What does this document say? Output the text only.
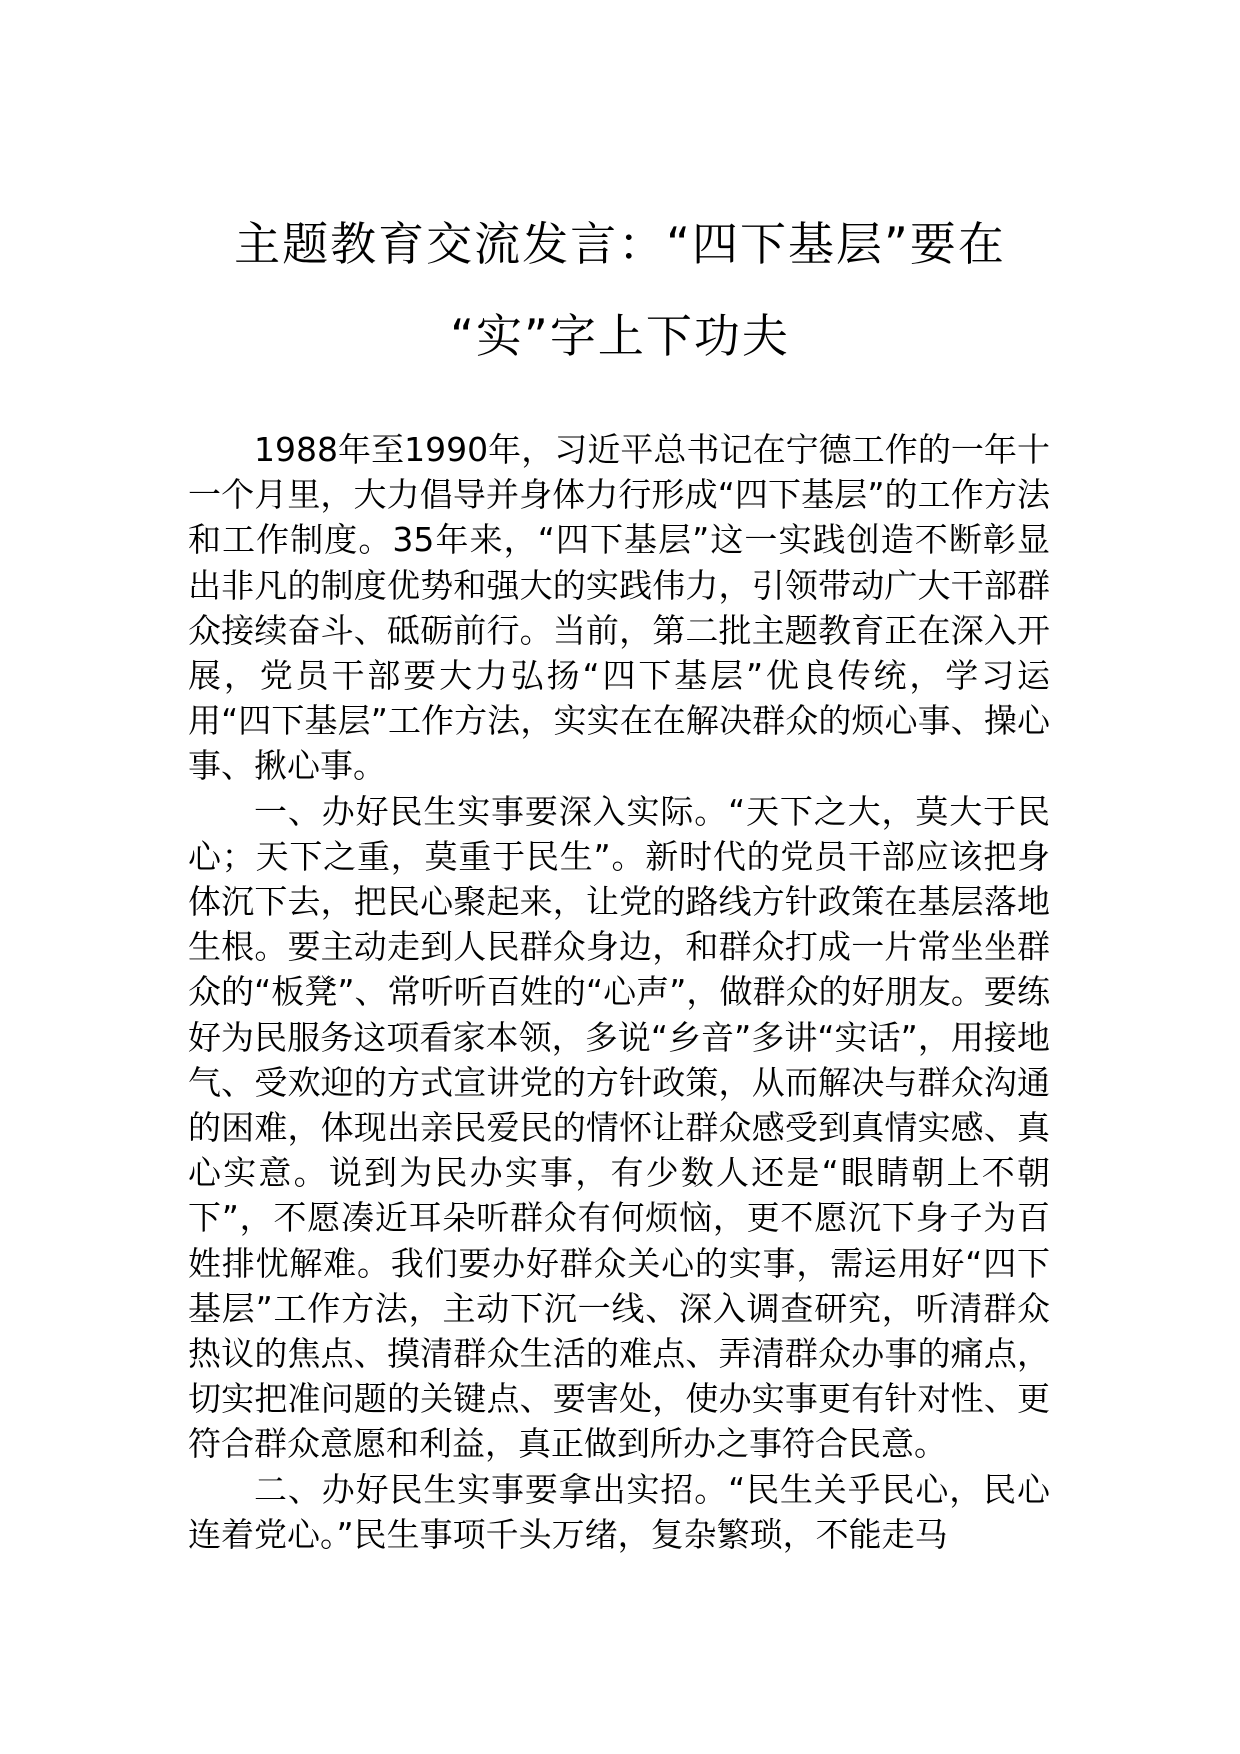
主题教育交流发言：“四下基层”要在
“实”字上下功夫

1988年至1990年，习近平总书记在宁德工作的一年十一个月里，大力倡导并身体力行形成“四下基层”的工作方法和工作制度。35年来，“四下基层”这一实践创造不断彰显出非凡的制度优势和强大的实践伟力，引领带动广大干部群众接续奋斗、砥砺前行。当前，第二批主题教育正在深入开展，党员干部要大力弘扬“四下基层”优良传统，学习运用“四下基层”工作方法，实实在在解决群众的烦心事、操心事、揪心事。

一、办好民生实事要深入实际。“天下之大，莫大于民心；天下之重，莫重于民生”。新时代的党员干部应该把身体沉下去，把民心聚起来，让党的路线方针政策在基层落地生根。要主动走到人民群众身边，和群众打成一片常坐坐群众的“板凳”、常听听百姓的“心声”，做群众的好朋友。要练好为民服务这项看家本领，多说“乡音”多讲“实话”，用接地气、受欢迎的方式宣讲党的方针政策，从而解决与群众沟通的困难，体现出亲民爱民的情怀让群众感受到真情实感、真心实意。说到为民办实事，有少数人还是“眼睛朝上不朝下”，不愿凑近耳朵听群众有何烦恼，更不愿沉下身子为百姓排忧解难。我们要办好群众关心的实事，需运用好“四下基层”工作方法，主动下沉一线、深入调查研究，听清群众热议的焦点、摸清群众生活的难点、弄清群众办事的痛点，切实把准问题的关键点、要害处，使办实事更有针对性、更符合群众意愿和利益，真正做到所办之事符合民意。

二、办好民生实事要拿出实招。“民生关乎民心，民心连着党心。”民生事项千头万绪，复杂繁琐，不能走马
